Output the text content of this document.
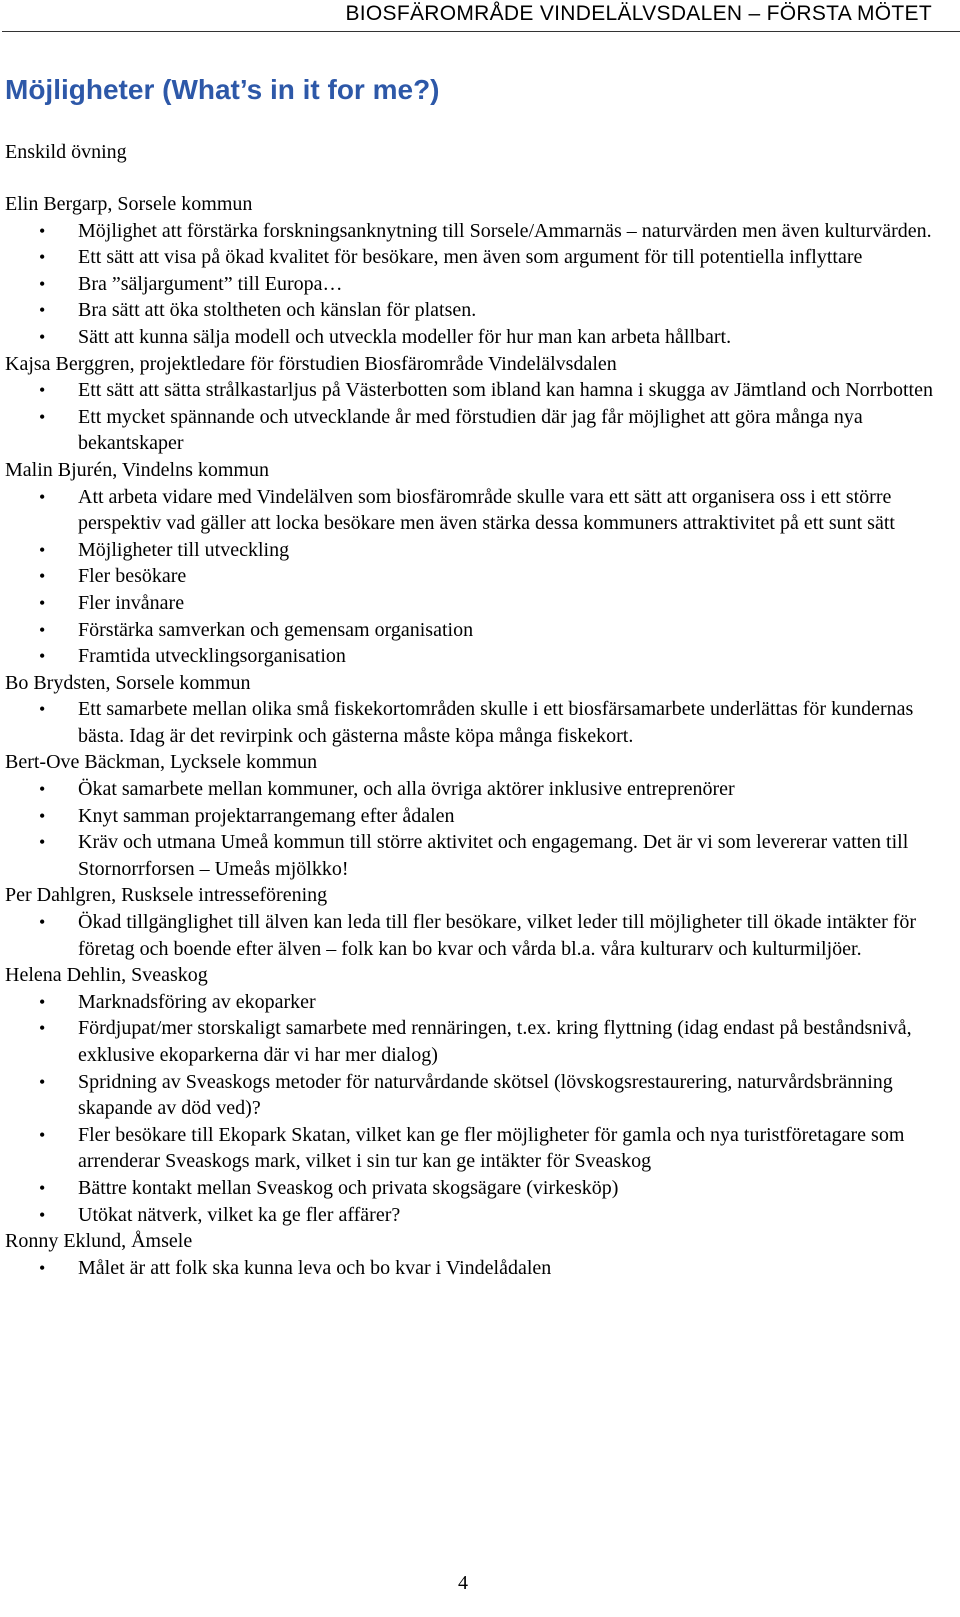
BIOSFÄROMRÅDE VINDELÄLVSDALEN – FÖRSTA MÖTET
Möjligheter (What’s in it for me?)

Enskild övning

Elin Bergarp, Sorsele kommun

• Möjlighet att förstärka forskningsanknytning till Sorsele/Ammarnäs – naturvärden men även kulturvärden.
• Ett sätt att visa på ökad kvalitet för besökare, men även som argument för till potentiella inflyttare
• Bra ”säljargument” till Europa…
• Bra sätt att öka stoltheten och känslan för platsen.
• Sätt att kunna sälja modell och utveckla modeller för hur man kan arbeta hållbart.

Kajsa Berggren, projektledare för förstudien Biosfärområde Vindelälvsdalen

• Ett sätt att sätta strålkastarljus på Västerbotten som ibland kan hamna i skugga av Jämtland och Norrbotten
• Ett mycket spännande och utvecklande år med förstudien där jag får möjlighet att göra många nya bekantskaper

Malin Bjurén, Vindelns kommun

• Att arbeta vidare med Vindelälven som biosfärområde skulle vara ett sätt att organisera oss i ett större perspektiv vad gäller att locka besökare men även stärka dessa kommuners attraktivitet på ett sunt sätt
• Möjligheter till utveckling
• Fler besökare
• Fler invånare
• Förstärka samverkan och gemensam organisation
• Framtida utvecklingsorganisation

Bo Brydsten, Sorsele kommun

• Ett samarbete mellan olika små fiskekortområden skulle i ett biosfärsamarbete underlättas för kundernas bästa. Idag är det revirpink och gästerna måste köpa många fiskekort.

Bert-Ove Bäckman, Lycksele kommun

• Ökat samarbete mellan kommuner, och alla övriga aktörer inklusive entreprenörer
• Knyt samman projektarrangemang efter ådalen
• Kräv och utmana Umeå kommun till större aktivitet och engagemang. Det är vi som levererar vatten till Stornorrforsen – Umeås mjölkko!

Per Dahlgren, Rusksele intresseförening

• Ökad tillgänglighet till älven kan leda till fler besökare, vilket leder till möjligheter till ökade intäkter för företag och boende efter älven – folk kan bo kvar och vårda bl.a. våra kulturarv och kulturmiljöer.

Helena Dehlin, Sveaskog

• Marknadsföring av ekoparker
• Fördjupat/mer storskaligt samarbete med rennäringen, t.ex. kring flyttning (idag endast på beståndsnivå, exklusive ekoparkerna där vi har mer dialog)
• Spridning av Sveaskogs metoder för naturvårdande skötsel (lövskogsrestaurering, naturvårdsbränning skapande av död ved)?
• Fler besökare till Ekopark Skatan, vilket kan ge fler möjligheter för gamla och nya turistföretagare som arrenderar Sveaskogs mark, vilket i sin tur kan ge intäkter för Sveaskog
• Bättre kontakt mellan Sveaskog och privata skogsägare (virkesköp)
• Utökat nätverk, vilket ka ge fler affärer?

Ronny Eklund, Åmsele

• Målet är att folk ska kunna leva och bo kvar i Vindelådalen
4
